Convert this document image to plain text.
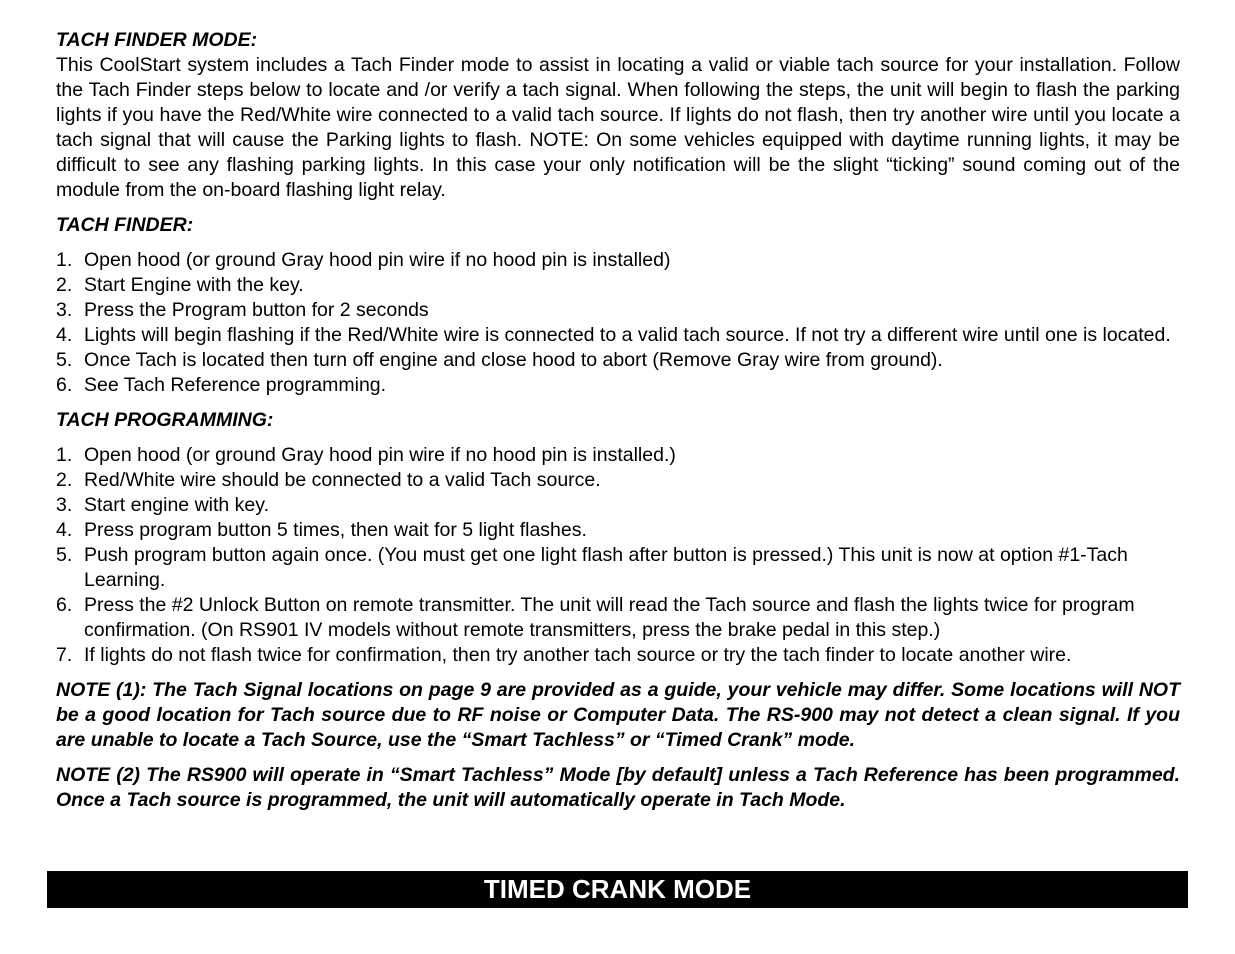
TACH FINDER MODE:

This CoolStart system includes a Tach Finder mode to assist in locating a valid or viable tach source for your installation. Follow the Tach Finder steps below to locate and /or verify a tach signal. When following the steps, the unit will begin to flash the parking lights if you have the Red/White wire connected to a valid tach source. If lights do not flash, then try another wire until you locate a tach signal that will cause the Parking lights to flash. NOTE: On some vehicles equipped with daytime running lights, it may be difficult to see any flashing parking lights. In this case your only notification will be the slight “ticking” sound coming out of the module from the on-board flashing light relay.

TACH FINDER:

1. Open hood (or ground Gray hood pin wire if no hood pin is installed)
2. Start Engine with the key.
3. Press the Program button for 2 seconds
4. Lights will begin flashing if the Red/White wire is connected to a valid tach source. If not try a different wire until one is located.
5. Once Tach is located then turn off engine and close hood to abort (Remove Gray wire from ground).
6. See Tach Reference programming.

TACH PROGRAMMING:

1. Open hood (or ground Gray hood pin wire if no hood pin is installed.)
2. Red/White wire should be connected to a valid Tach source.
3. Start engine with key.
4. Press program button 5 times, then wait for 5 light flashes.
5. Push program button again once. (You must get one light flash after button is pressed.) This unit is now at option #1-Tach Learning.
6. Press the #2 Unlock Button on remote transmitter. The unit will read the Tach source and flash the lights twice for program confirmation. (On RS901 IV models without remote transmitters, press the brake pedal in this step.)
7. If lights do not flash twice for confirmation, then try another tach source or try the tach finder to locate another wire.

NOTE (1): The Tach Signal locations on page 9 are provided as a guide, your vehicle may differ. Some locations will NOT be a good location for Tach source due to RF noise or Computer Data. The RS-900 may not detect a clean signal. If you are unable to locate a Tach Source, use the “Smart Tachless” or “Timed Crank” mode.

NOTE (2) The RS900 will operate in “Smart Tachless” Mode [by default] unless a Tach Reference has been programmed. Once a Tach source is programmed, the unit will automatically operate in Tach Mode.

TIMED CRANK MODE
